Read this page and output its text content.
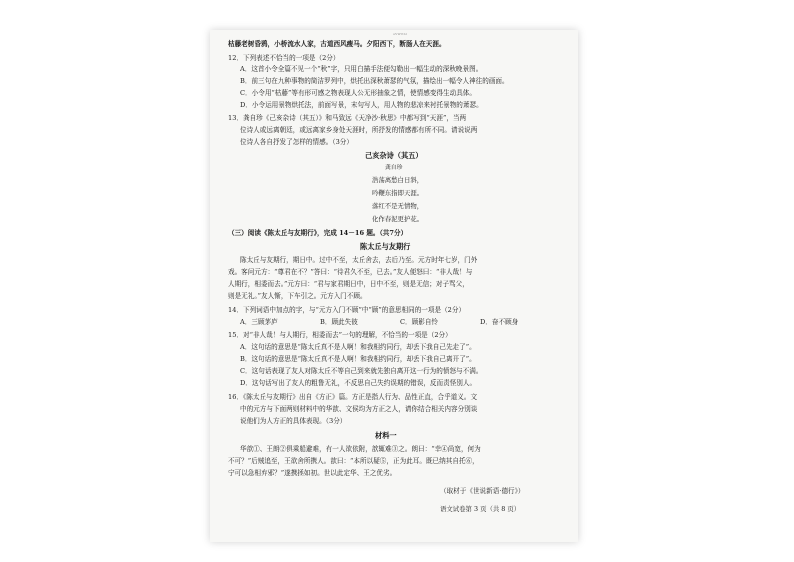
uVWrtbl
枯藤老树昏鸦，小桥流水人家，古道西风瘦马。夕阳西下，断肠人在天涯。
12．下列表述不恰当的一项是（2分）
A．这首小令全篇不见一个“秋”字，只用白描手法便勾勒出一幅生动的深秋晚景图。
B．前三句在九种事物的简洁罗列中，烘托出深秋萧瑟的气氛，描绘出一幅令人神往的画面。
C．小令用“枯藤”等有形可感之物表现人公无形抽象之情，使情感变得生动具体。
D．小令运用景物烘托法，前面写景，末句写人，用人物的悲凉来衬托景物的萧瑟。
13．龚自珍《己亥杂诗（其五）》和马致远《天净沙·秋思》中都写到“天涯”，当两
位诗人或远离朝廷，或远离家乡身处天涯时，所抒发的情感都有所不同。请说说两
位诗人各自抒发了怎样的情感。（3分）
己亥杂诗（其五）
龚自珍
浩荡离愁白日斜，
吟鞭东指即天涯。
落红不是无情物，
化作春泥更护花。
（三）阅读《陈太丘与友期行》，完成 14－16 题。（共7分）
陈太丘与友期行
陈太丘与友期行，期日中。过中不至，太丘舍去，去后乃至。元方时年七岁，门外
戏。客问元方：“尊君在不？”答曰：“待君久不至，已去。”友人便怒曰：“非人哉！与
人期行，相委而去。”元方曰：“君与家君期日中，日中不至，则是无信；对子骂父，
则是无礼。”友人惭，下车引之。元方入门不顾。
14．下列词语中加点的字，与“元方入门不顾”中“顾”的意思相同的一项是（2分）
A．三顾茅庐	B．顾此失彼	C．顾影自怜	D．奋不顾身
15．对“非人哉！与人期行，相委而去”一句的理解，不恰当的一项是（2分）
A．这句话的意思是“陈太丘真不是人啊！和我相约同行，却丢下我自己先走了”。
B．这句话的意思是“陈太丘真不是人啊！和我相约同行，却丢下我自己离开了”。
C．这句话表现了友人对陈太丘不等自己到来就先独自离开这一行为的愤怒与不满。
D．这句话写出了友人的粗鲁无礼，不反思自己失约误期的错误，反而责怪别人。
16．《陈太丘与友期行》出自《方正》篇。方正是指人行为、品性正直，合乎道义。文
中的元方与下面两则材料中的华歆、文侯均为方正之人，请你结合相关内容分别谈
说他们为人方正的具体表现。（3分）
材料一
华歆①、王朗②俱乘船避难，有一人欲依附，歆辄难③之。朗曰：“幸④尚宽，何为
不可？”后贼追至，王欲舍所携人。歆曰：“本所以疑⑤，正为此耳。既已纳其自托⑥，
宁可以急相弃邪？”遂携拯如初。世以此定华、王之优劣。
（取材于《世说新语·德行》）
语文试卷第 3 页（共 8 页）
